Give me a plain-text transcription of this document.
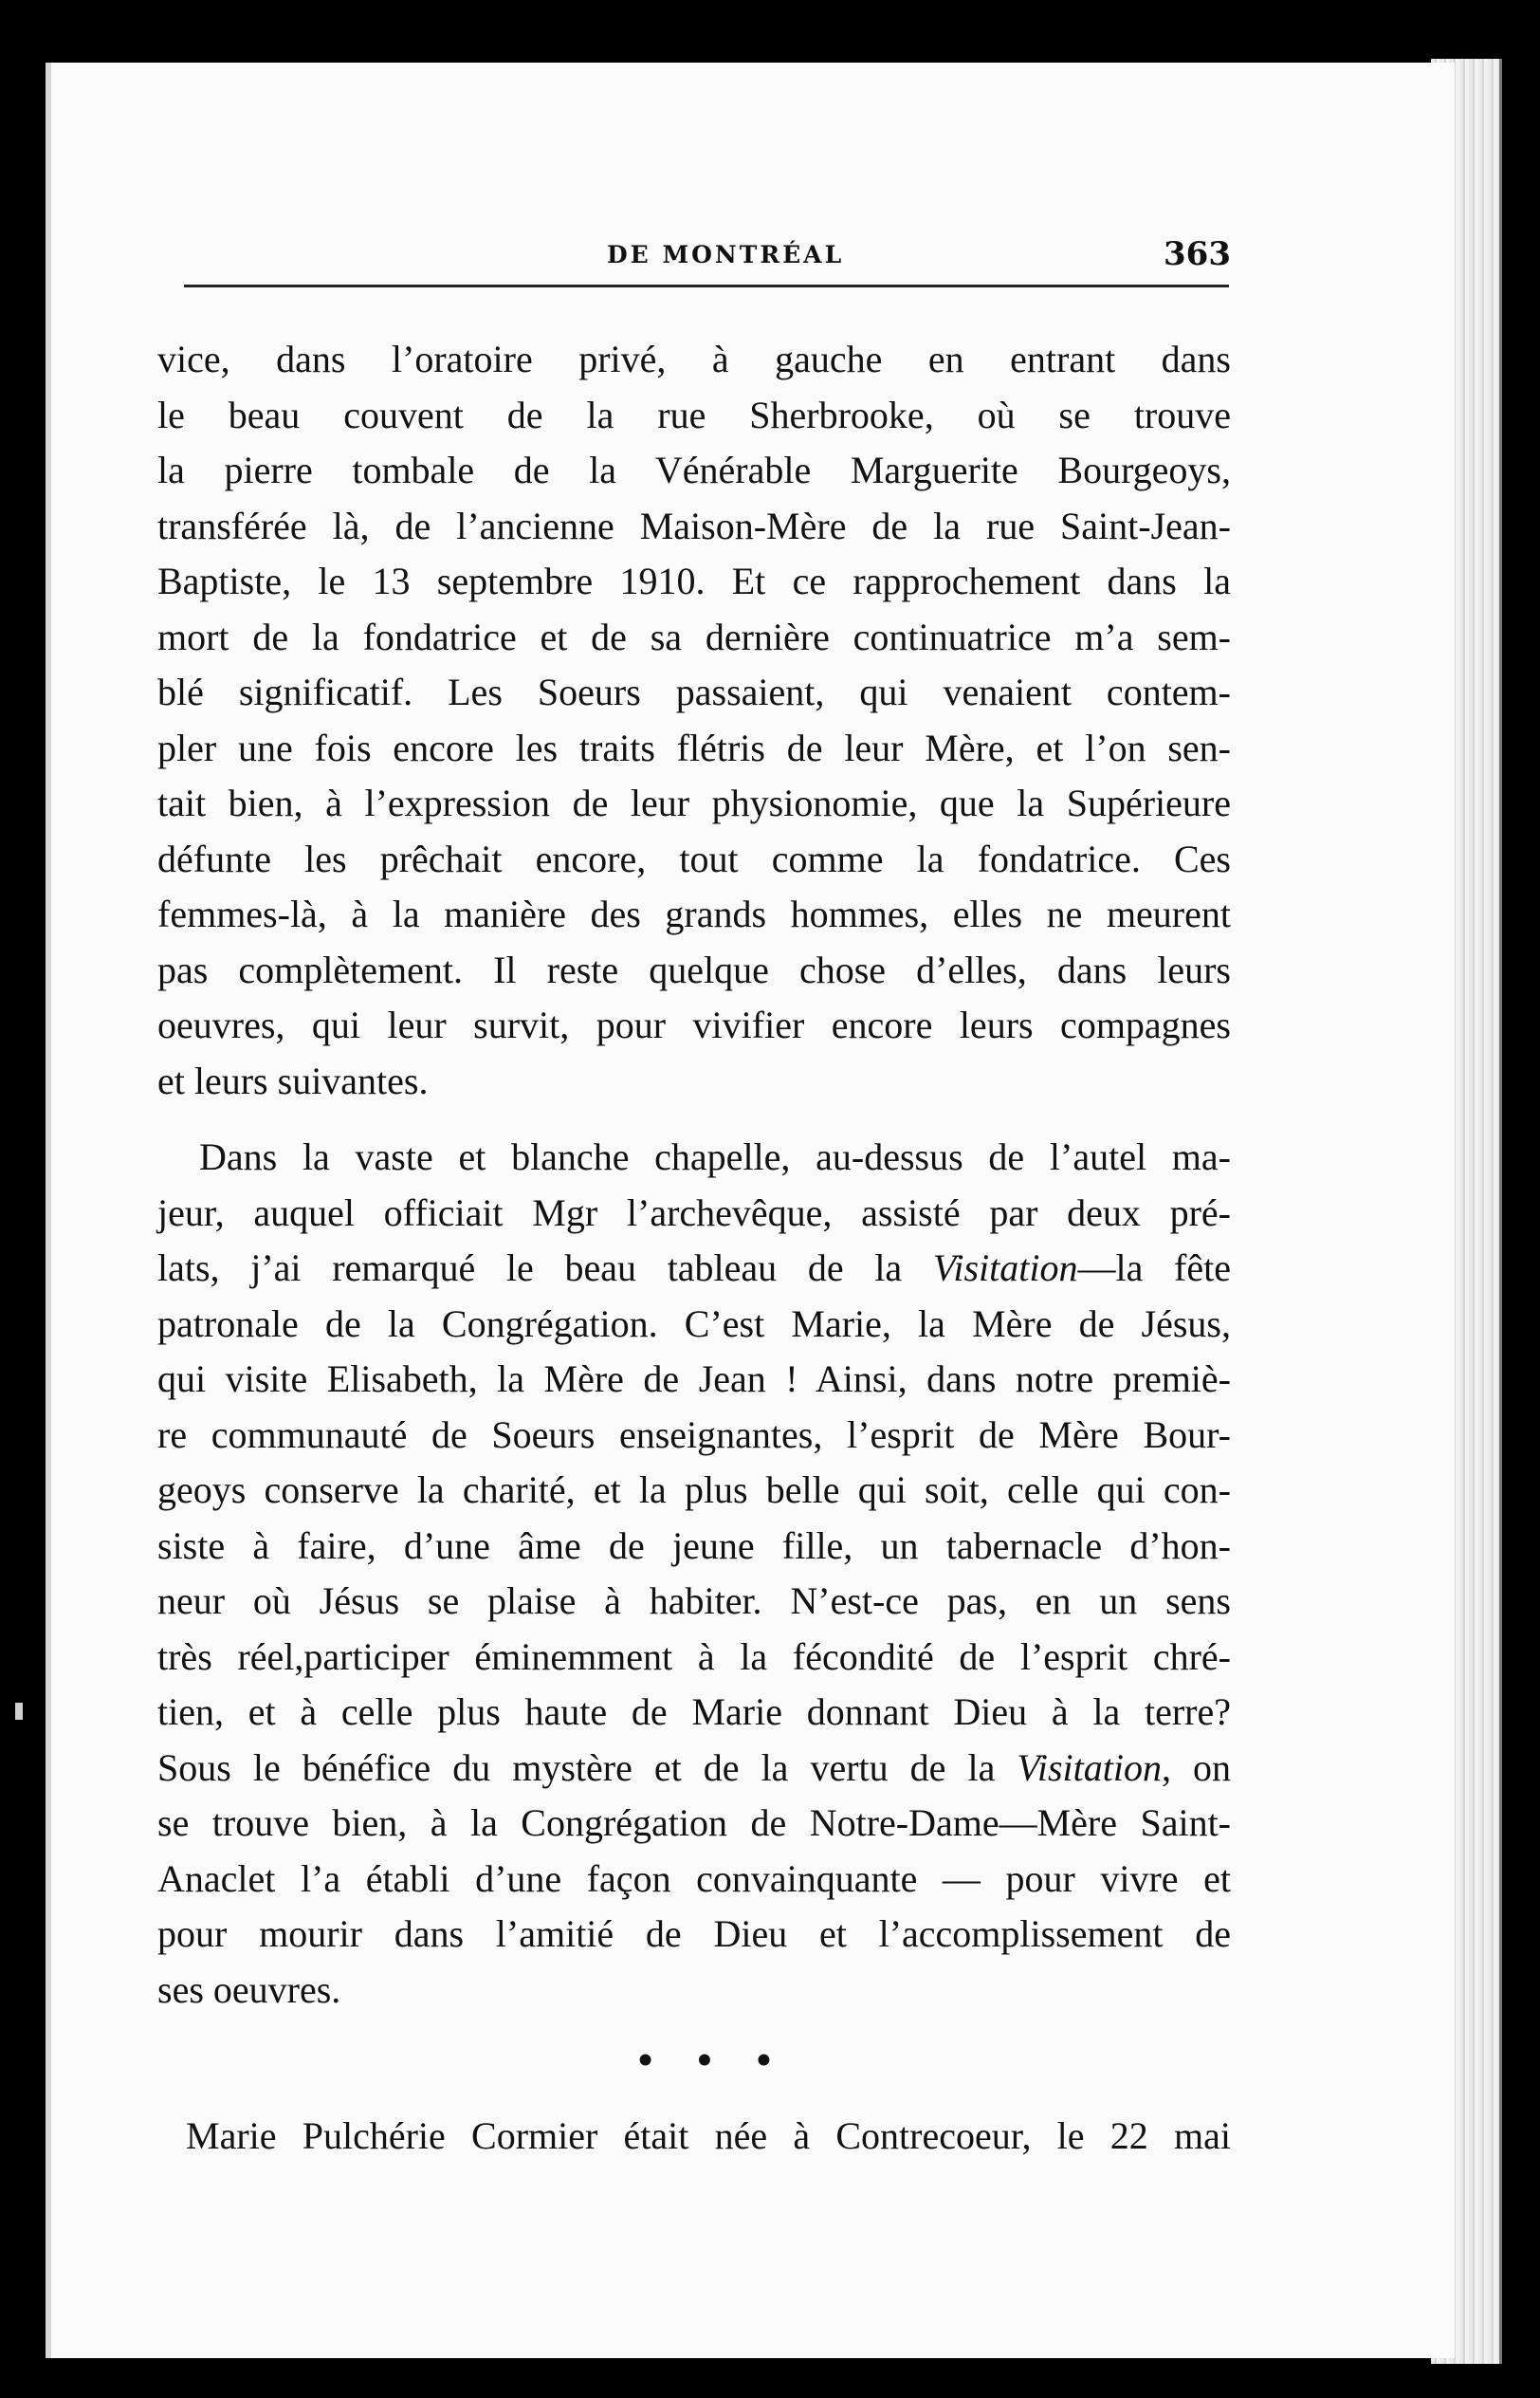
DE MONTRÉAL	363
vice, dans l’oratoire privé, à gauche en entrant dans
le beau couvent de la rue Sherbrooke, où se trouve
la pierre tombale de la Vénérable Marguerite Bourgeoys,
transférée là, de l’ancienne Maison-Mère de la rue Saint-Jean-
Baptiste, le 13 septembre 1910. Et ce rapprochement dans la
mort de la fondatrice et de sa dernière continuatrice m’a sem-
blé significatif. Les Soeurs passaient, qui venaient contem-
pler une fois encore les traits flétris de leur Mère, et l’on sen-
tait bien, à l’expression de leur physionomie, que la Supérieure
défunte les prêchait encore, tout comme la fondatrice. Ces
femmes-là, à la manière des grands hommes, elles ne meurent
pas complètement. Il reste quelque chose d’elles, dans leurs
oeuvres, qui leur survit, pour vivifier encore leurs compagnes
et leurs suivantes.
Dans la vaste et blanche chapelle, au-dessus de l’autel ma-
jeur, auquel officiait Mgr l’archevêque, assisté par deux pré-
lats, j’ai remarqué le beau tableau de la Visitation—la fête
patronale de la Congrégation. C’est Marie, la Mère de Jésus,
qui visite Elisabeth, la Mère de Jean ! Ainsi, dans notre premiè-
re communauté de Soeurs enseignantes, l’esprit de Mère Bour-
geoys conserve la charité, et la plus belle qui soit, celle qui con-
siste à faire, d’une âme de jeune fille, un tabernacle d’hon-
neur où Jésus se plaise à habiter. N’est-ce pas, en un sens
très réel,participer éminemment à la fécondité de l’esprit chré-
tien, et à celle plus haute de Marie donnant Dieu à la terre?
Sous le bénéfice du mystère et de la vertu de la Visitation, on
se trouve bien, à la Congrégation de Notre-Dame—Mère Saint-
Anaclet l’a établi d’une façon convainquante — pour vivre et
pour mourir dans l’amitié de Dieu et l’accomplissement de
ses oeuvres.
• • •
Marie Pulchérie Cormier était née à Contrecoeur, le 22 mai
